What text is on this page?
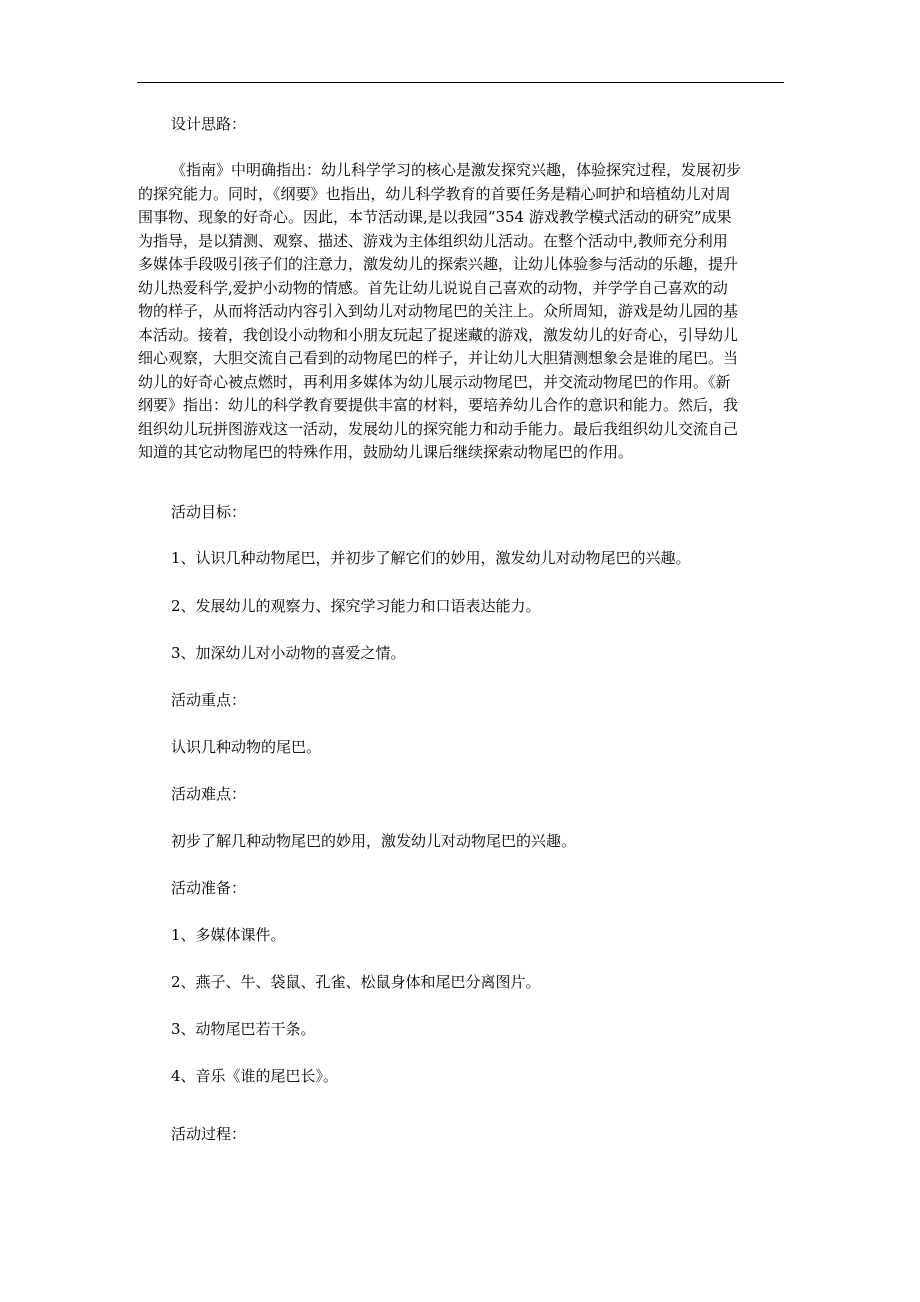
设计思路：
《指南》中明确指出：幼儿科学学习的核心是激发探究兴趣，体验探究过程，发展初步
的探究能力。同时，《纲要》也指出，幼儿科学教育的首要任务是精心呵护和培植幼儿对周
围事物、现象的好奇心。因此，本节活动课,是以我园“354 游戏教学模式活动的研究”成果
为指导，是以猜测、观察、描述、游戏为主体组织幼儿活动。在整个活动中,教师充分利用
多媒体手段吸引孩子们的注意力，激发幼儿的探索兴趣，让幼儿体验参与活动的乐趣，提升
幼儿热爱科学,爱护小动物的情感。首先让幼儿说说自己喜欢的动物，并学学自己喜欢的动
物的样子，从而将活动内容引入到幼儿对动物尾巴的关注上。众所周知，游戏是幼儿园的基
本活动。接着，我创设小动物和小朋友玩起了捉迷藏的游戏，激发幼儿的好奇心，引导幼儿
细心观察，大胆交流自己看到的动物尾巴的样子，并让幼儿大胆猜测想象会是谁的尾巴。当
幼儿的好奇心被点燃时，再利用多媒体为幼儿展示动物尾巴，并交流动物尾巴的作用。《新
纲要》指出：幼儿的科学教育要提供丰富的材料，要培养幼儿合作的意识和能力。然后，我
组织幼儿玩拼图游戏这一活动，发展幼儿的探究能力和动手能力。最后我组织幼儿交流自己
知道的其它动物尾巴的特殊作用，鼓励幼儿课后继续探索动物尾巴的作用。
活动目标：
1、认识几种动物尾巴，并初步了解它们的妙用，激发幼儿对动物尾巴的兴趣。
2、发展幼儿的观察力、探究学习能力和口语表达能力。
3、加深幼儿对小动物的喜爱之情。
活动重点：
认识几种动物的尾巴。
活动难点：
初步了解几种动物尾巴的妙用，激发幼儿对动物尾巴的兴趣。
活动准备：
1、多媒体课件。
2、燕子、牛、袋鼠、孔雀、松鼠身体和尾巴分离图片。
3、动物尾巴若干条。
4、音乐《谁的尾巴长》。
活动过程：
